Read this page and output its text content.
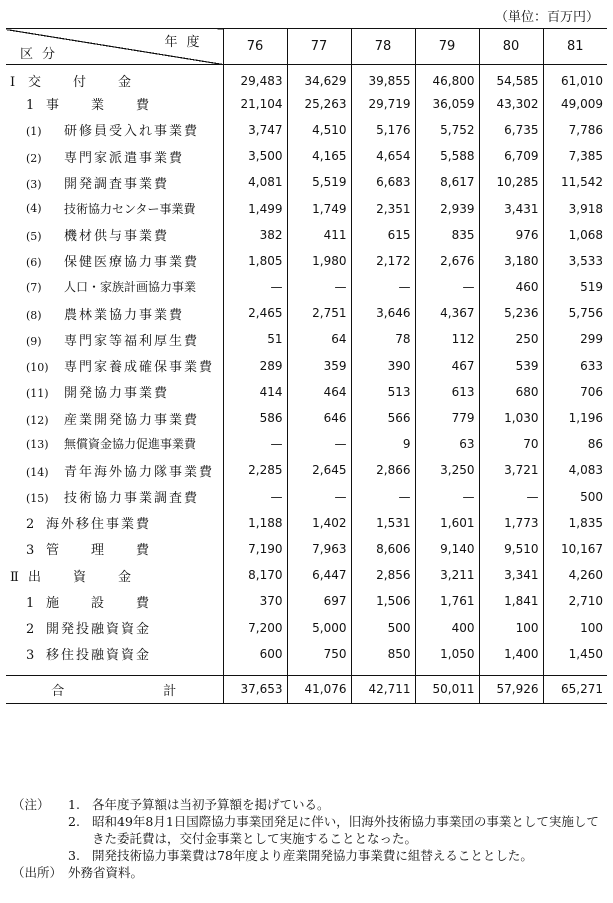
（単位：百万円）
年度
区分	76	77	78	79	80	81
Ⅰ 交　　付　　金	29,483	34,629	39,855	46,800	54,585	61,010
1 事　　業　　費	21,104	25,263	29,719	36,059	43,302	49,009
(1) 研修員受入れ事業費	3,747	4,510	5,176	5,752	6,735	7,786
(2) 専門家派遣事業費	3,500	4,165	4,654	5,588	6,709	7,385
(3) 開発調査事業費	4,081	5,519	6,683	8,617	10,285	11,542
(4) 技術協力センター事業費	1,499	1,749	2,351	2,939	3,431	3,918
(5) 機材供与事業費	382	411	615	835	976	1,068
(6) 保健医療協力事業費	1,805	1,980	2,172	2,676	3,180	3,533
(7) 人口・家族計画協力事業	—	—	—	—	460	519
(8) 農林業協力事業費	2,465	2,751	3,646	4,367	5,236	5,756
(9) 専門家等福利厚生費	51	64	78	112	250	299
(10) 専門家養成確保事業費	289	359	390	467	539	633
(11) 開発協力事業費	414	464	513	613	680	706
(12) 産業開発協力事業費	586	646	566	779	1,030	1,196
(13) 無償資金協力促進事業費	—	—	9	63	70	86
(14) 青年海外協力隊事業費	2,285	2,645	2,866	3,250	3,721	4,083
(15) 技術協力事業調査費	—	—	—	—	—	500
2 海外移住事業費	1,188	1,402	1,531	1,601	1,773	1,835
3 管　　理　　費	7,190	7,963	8,606	9,140	9,510	10,167
Ⅱ 出　　資　　金	8,170	6,447	2,856	3,211	3,341	4,260
1 施　　設　　費	370	697	1,506	1,761	1,841	2,710
2 開発投融資資金	7,200	5,000	500	400	100	100
3 移住投融資資金	600	750	850	1,050	1,400	1,450

合　　　　　　　計	37,653	41,076	42,711	50,011	57,926	65,271
（注）	1. 各年度予算額は当初予算額を掲げている。
2. 昭和49年8月1日国際協力事業団発足に伴い，旧海外技術協力事業団の事業として実施してきた委託費は，交付金事業として実施することとなった。
3. 開発技術協力事業費は78年度より産業開発協力事業費に組替えることとした。
（出所） 外務省資料。
